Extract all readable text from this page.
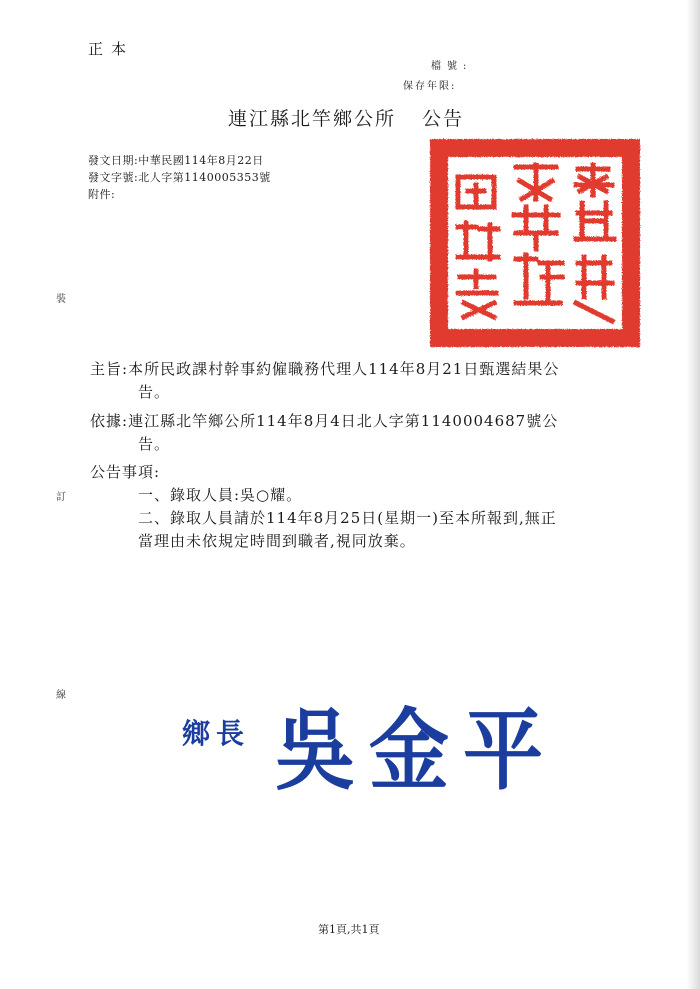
正本
檔號:
保存年限:
連江縣北竿鄉公所 公告
發文日期:中華民國114年8月22日
發文字號:北人字第1140005353號
附件:
裝
訂
線
主旨:本所民政課村幹事約僱職務代理人114年8月21日甄選結果公
告。
依據:連江縣北竿鄉公所114年8月4日北人字第1140004687號公
告。
公告事項:
一、錄取人員:吳○耀。
二、錄取人員請於114年8月25日(星期一)至本所報到,無正
當理由未依規定時間到職者,視同放棄。
鄉長 吳金平
第1頁,共1頁
